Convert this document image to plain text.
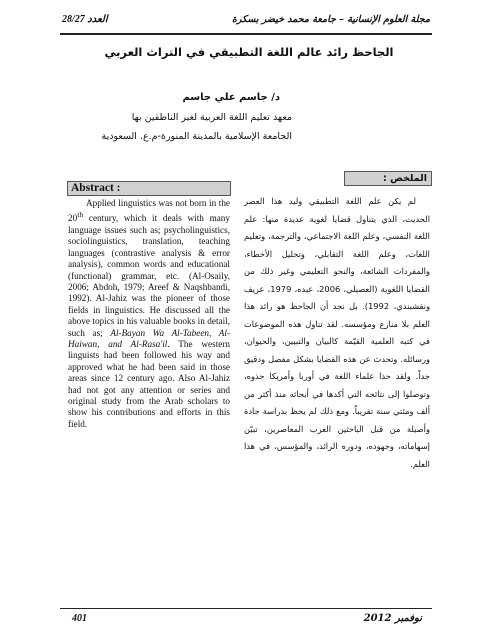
العدد 28/27	مجلة العلوم الإنسانية – جامعة محمد خيضر بسكرة
الجاحظ رائد عالم اللغة التطبيقي في التراث العربي
د/ جاسم علي جاسم
معهد تعليم اللغة العربية لغير الناطقين بها
الجامعة الإسلامية بالمدينة المنورة-م.ع. السعودية
Abstract :

Applied linguistics was not born in the 20th century, which it deals with many language issues such as; psycholinguistics, sociolinguistics, translation, teaching languages (contrastive analysis & error analysis), common words and educational (functional) grammar, etc. (Al-Osaily, 2006; Abdoh, 1979; Areef & Naqshbandi, 1992). Al-Jahiz was the pioneer of those fields in linguistics. He discussed all the above topics in his valuable books in detail, such as; Al-Bayan Wa Al-Tabeen, Al-Haiwan, and Al-Rasa'il. The western linguists had been followed his way and approved what he had been said in those areas since 12 century ago. Also Al-Jahiz had not got any attention or series and original study from the Arab scholars to show his contributions and efforts in this field.

الملخص :

لم يكن علم اللغة التطبيقي وليد هذا العصر الحديث، الذي يتناول قضايا لغوية عديدة منها: علم اللغة النفسي، وعلم اللغة الاجتماعي، والترجمة، وتعليم اللغات، وعلم اللغة التقابلي، وتحليل الأخطاء، والمفردات الشائعة، والنحو التعليمي وغير ذلك من القضايا اللغوية (العصيلي، 2006، عبده، 1979، عريف ونقشبندي، 1992). بل نجد أن الجاحظ هو رائد هذا العلم بلا منازع ومؤسسه. لقد تناول هذه الموضوعات في كتبه العلمية القيّمة كالبيان والتبيين، والحيوان، ورسائله. وتحدث عن هذه القضايا بشكل مفصل ودقيق جداً. ولقد حذا علماء اللغة في أوربا وأمريكا حذوه، وتوصلوا إلى نتائجه التي أكدها في أبحاثه منذ أكثر من ألف ومئتي سنة تقريباً. ومع ذلك لم يحظ بدراسة جادة وأصيلة من قبل الباحثين العرب المعاصرين، تبيّن إسهاماته، وجهوده، ودوره الرائد، والمؤسس، في هذا العلم.

401	نوفمبر 2012
